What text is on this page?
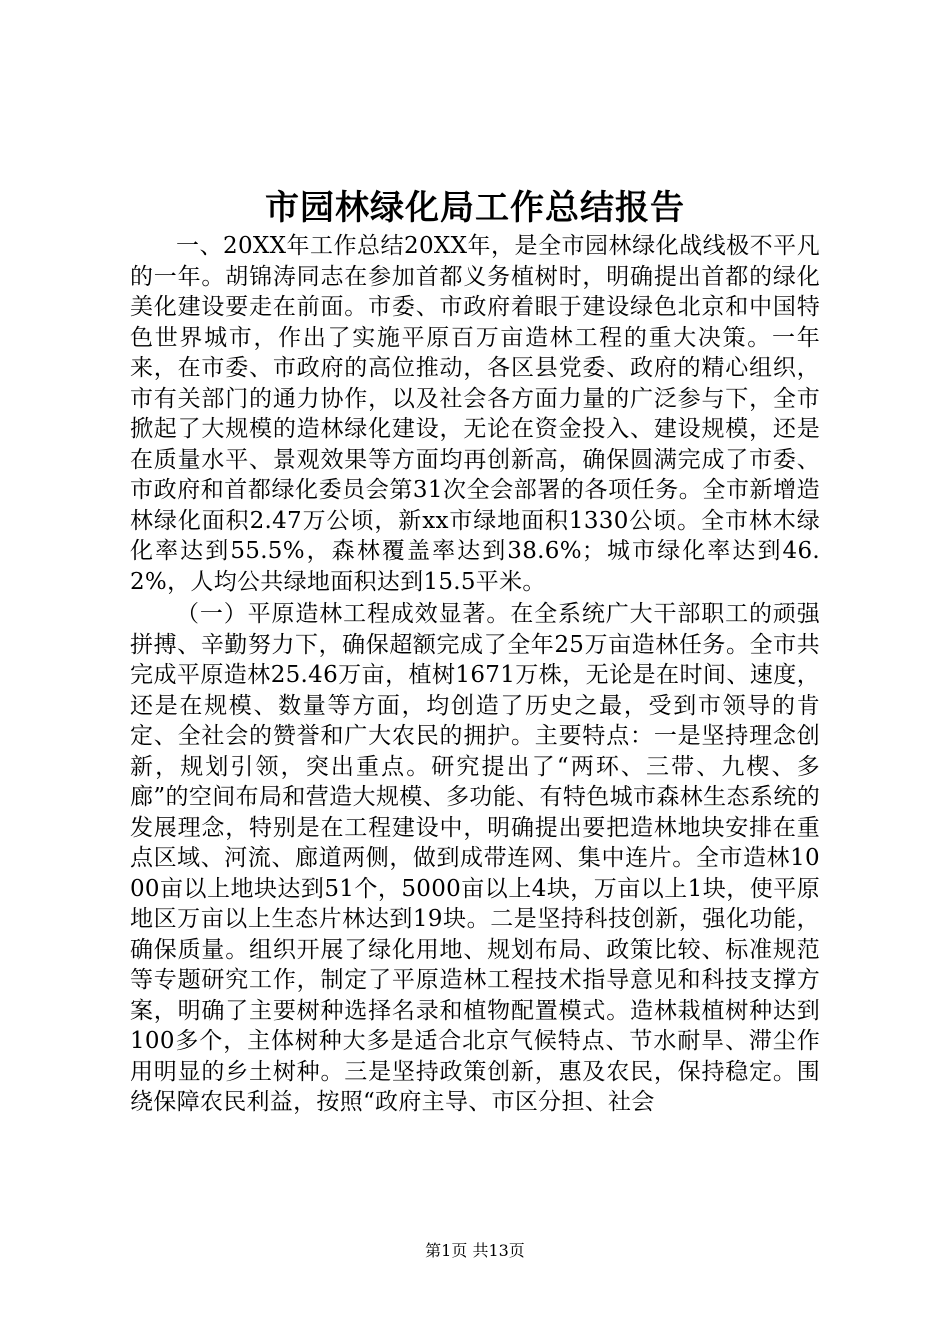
市园林绿化局工作总结报告

一、20XX年工作总结20XX年，是全市园林绿化战线极不平凡的一年。胡锦涛同志在参加首都义务植树时，明确提出首都的绿化美化建设要走在前面。市委、市政府着眼于建设绿色北京和中国特色世界城市，作出了实施平原百万亩造林工程的重大决策。一年来，在市委、市政府的高位推动，各区县党委、政府的精心组织，市有关部门的通力协作，以及社会各方面力量的广泛参与下，全市掀起了大规模的造林绿化建设，无论在资金投入、建设规模，还是在质量水平、景观效果等方面均再创新高，确保圆满完成了市委、市政府和首都绿化委员会第31次全会部署的各项任务。全市新增造林绿化面积2.47万公顷，新xx市绿地面积1330公顷。全市林木绿化率达到55.5%，森林覆盖率达到38.6%；城市绿化率达到46.2%，人均公共绿地面积达到15.5平米。

（一）平原造林工程成效显著。在全系统广大干部职工的顽强拼搏、辛勤努力下，确保超额完成了全年25万亩造林任务。全市共完成平原造林25.46万亩，植树1671万株，无论是在时间、速度，还是在规模、数量等方面，均创造了历史之最，受到市领导的肯定、全社会的赞誉和广大农民的拥护。主要特点：一是坚持理念创新，规划引领，突出重点。研究提出了“两环、三带、九楔、多廊”的空间布局和营造大规模、多功能、有特色城市森林生态系统的发展理念，特别是在工程建设中，明确提出要把造林地块安排在重点区域、河流、廊道两侧，做到成带连网、集中连片。全市造林1000亩以上地块达到51个，5000亩以上4块，万亩以上1块，使平原地区万亩以上生态片林达到19块。二是坚持科技创新，强化功能，确保质量。组织开展了绿化用地、规划布局、政策比较、标准规范等专题研究工作，制定了平原造林工程技术指导意见和科技支撑方案，明确了主要树种选择名录和植物配置模式。造林栽植树种达到100多个，主体树种大多是适合北京气候特点、节水耐旱、滞尘作用明显的乡土树种。三是坚持政策创新，惠及农民，保持稳定。围绕保障农民利益，按照“政府主导、市区分担、社会

第1页 共13页
